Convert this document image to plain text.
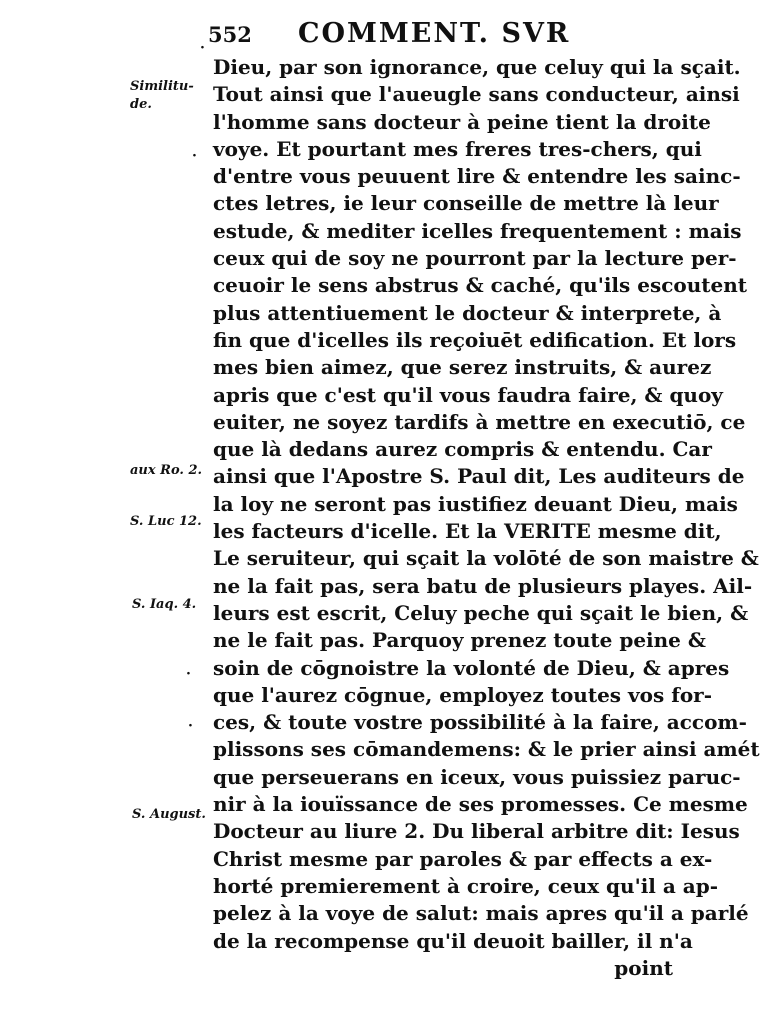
552 COMMENT. SVR
Similitu-
de.
aux Ro. 2.
S. Luc 12.
S. Iaq. 4.
S. August.
·
·
·
·
Dieu, par son ignorance, que celuy qui la sçait.
Tout ainsi que l'aueugle sans conducteur, ainsi
l'homme sans docteur à peine tient la droite
voye. Et pourtant mes freres tres-chers, qui
d'entre vous peuuent lire & entendre les sainc-
ctes letres, ie leur conseille de mettre là leur
estude, & mediter icelles frequentement : mais
ceux qui de soy ne pourront par la lecture per-
ceuoir le sens abstrus & caché, qu'ils escoutent
plus attentiuement le docteur & interprete, à
fin que d'icelles ils reçoiuēt edification. Et lors
mes bien aimez, que serez instruits, & aurez
apris que c'est qu'il vous faudra faire, & quoy
euiter, ne soyez tardifs à mettre en executiō, ce
que là dedans aurez compris & entendu. Car
ainsi que l'Apostre S. Paul dit, Les auditeurs de
la loy ne seront pas iustifiez deuant Dieu, mais
les facteurs d'icelle. Et la VERITE mesme dit,
Le seruiteur, qui sçait la volōté de son maistre &
ne la fait pas, sera batu de plusieurs playes. Ail-
leurs est escrit, Celuy peche qui sçait le bien, &
ne le fait pas. Parquoy prenez toute peine &
soin de cōgnoistre la volonté de Dieu, & apres
que l'aurez cōgnue, employez toutes vos for-
ces, & toute vostre possibilité à la faire, accom-
plissons ses cōmandemens: & le prier ainsi amét
que perseuerans en iceux, vous puissiez paruc-
nir à la iouïssance de ses promesses. Ce mesme
Docteur au liure 2. Du liberal arbitre dit: Iesus
Christ mesme par paroles & par effects a ex-
horté premierement à croire, ceux qu'il a ap-
pelez à la voye de salut: mais apres qu'il a parlé
de la recompense qu'il deuoit bailler, il n'a
point
